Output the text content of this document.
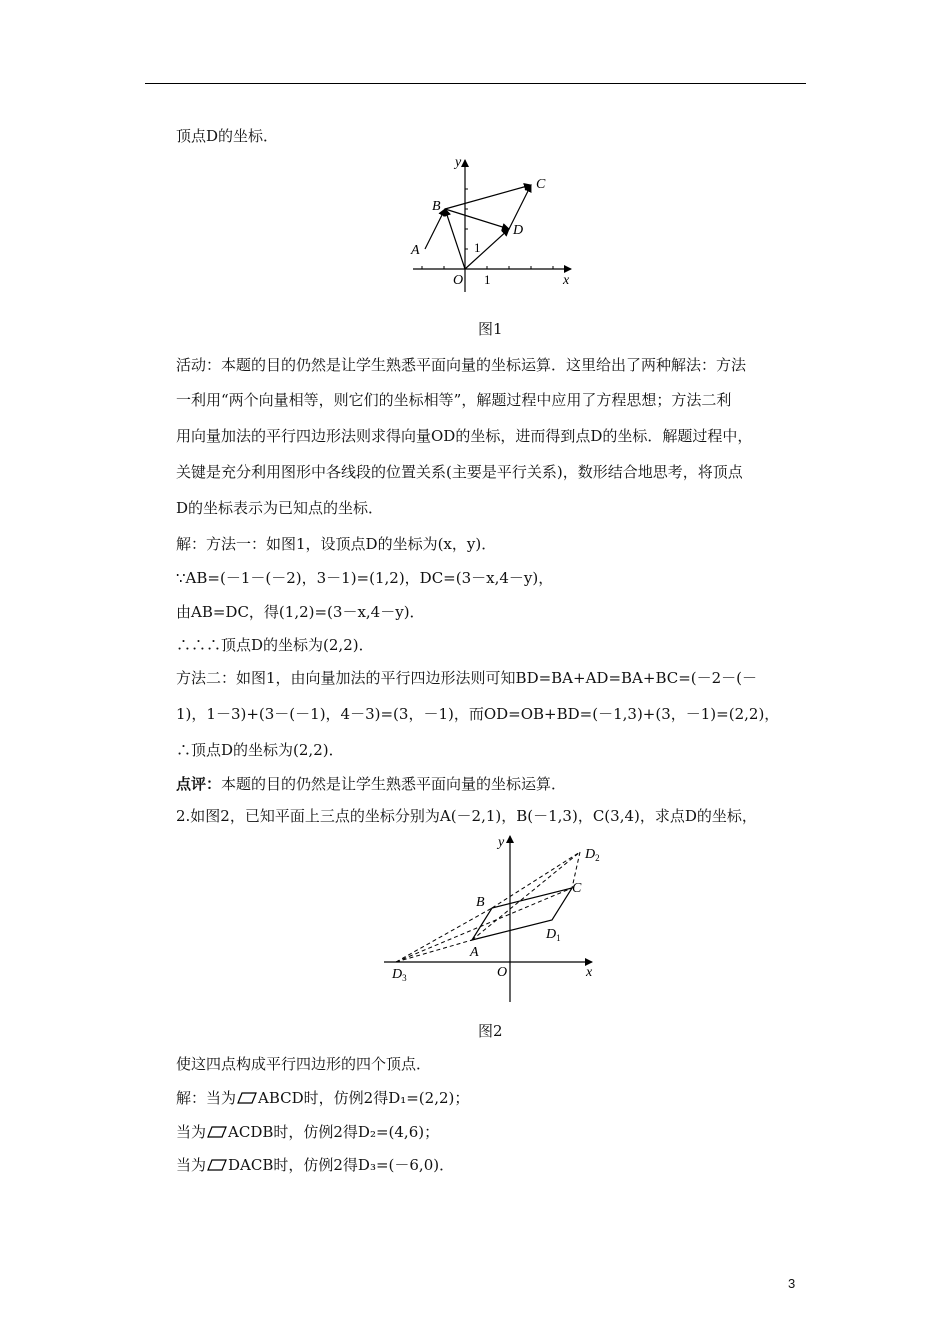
顶点D的坐标．
y
x
O
A
B
C
D
1
1
图1
活动：本题的目的仍然是让学生熟悉平面向量的坐标运算．这里给出了两种解法：方法
一利用“两个向量相等，则它们的坐标相等”，解题过程中应用了方程思想；方法二利
用向量加法的平行四边形法则求得向量OD的坐标，进而得到点D的坐标．解题过程中，
关键是充分利用图形中各线段的位置关系(主要是平行关系)，数形结合地思考，将顶点
D的坐标表示为已知点的坐标．
解：方法一：如图1，设顶点D的坐标为(x，y)．
∵AB=(－1－(－2)，3－1)=(1,2)，DC=(3－x,4－y)，
由AB=DC，得(1,2)=(3－x,4－y)．
∴∴∴顶点D的坐标为(2,2)．
方法二：如图1，由向量加法的平行四边形法则可知BD=BA+AD=BA+BC=(－2－(－
1)，1－3)+(3－(－1)，4－3)=(3，－1)，而OD=OB+BD=(－1,3)+(3，－1)=(2,2)，
∴顶点D的坐标为(2,2)．
点评：本题的目的仍然是让学生熟悉平面向量的坐标运算．
2.如图2，已知平面上三点的坐标分别为A(－2,1)，B(－1,3)，C(3,4)，求点D的坐标，
y
x
O
A
B
C
$D_1$
$D_2$
$D_3$
图2
使这四点构成平行四边形的四个顶点．
解：当为 ABCD时，仿例2得D₁=(2,2)；
当为 ACDB时，仿例2得D₂=(4,6)；
当为 DACB时，仿例2得D₃=(－6,0)．
3
